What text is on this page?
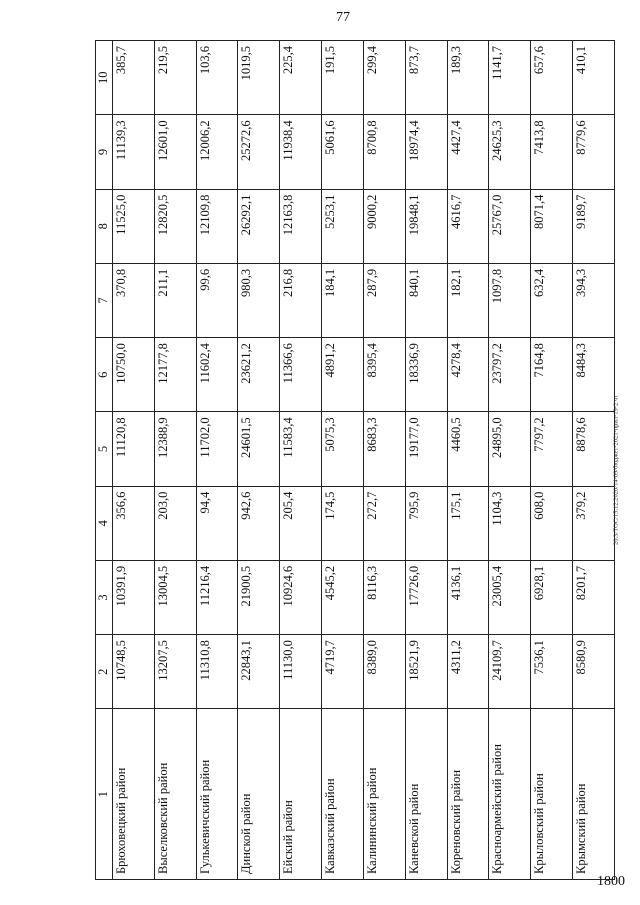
77
20.3/ТОС/15.12.2020/14-09/бюджет-2021-прил-19-2 чт
1800
1	2	3	4	5	6	7	8	9	10
Брюховецкий район	10748,5	10391,9	356,6	11120,8	10750,0	370,8	11525,0	11139,3	385,7
Выселковский район	13207,5	13004,5	203,0	12388,9	12177,8	211,1	12820,5	12601,0	219,5
Гулькевичский район	11310,8	11216,4	94,4	11702,0	11602,4	99,6	12109,8	12006,2	103,6
Динской район	22843,1	21900,5	942,6	24601,5	23621,2	980,3	26292,1	25272,6	1019,5
Ейский район	11130,0	10924,6	205,4	11583,4	11366,6	216,8	12163,8	11938,4	225,4
Кавказский район	4719,7	4545,2	174,5	5075,3	4891,2	184,1	5253,1	5061,6	191,5
Калининский район	8389,0	8116,3	272,7	8683,3	8395,4	287,9	9000,2	8700,8	299,4
Каневской район	18521,9	17726,0	795,9	19177,0	18336,9	840,1	19848,1	18974,4	873,7
Кореновский район	4311,2	4136,1	175,1	4460,5	4278,4	182,1	4616,7	4427,4	189,3
Красноармейский район	24109,7	23005,4	1104,3	24895,0	23797,2	1097,8	25767,0	24625,3	1141,7
Крыловский район	7536,1	6928,1	608,0	7797,2	7164,8	632,4	8071,4	7413,8	657,6
Крымский район	8580,9	8201,7	379,2	8878,6	8484,3	394,3	9189,7	8779,6	410,1
